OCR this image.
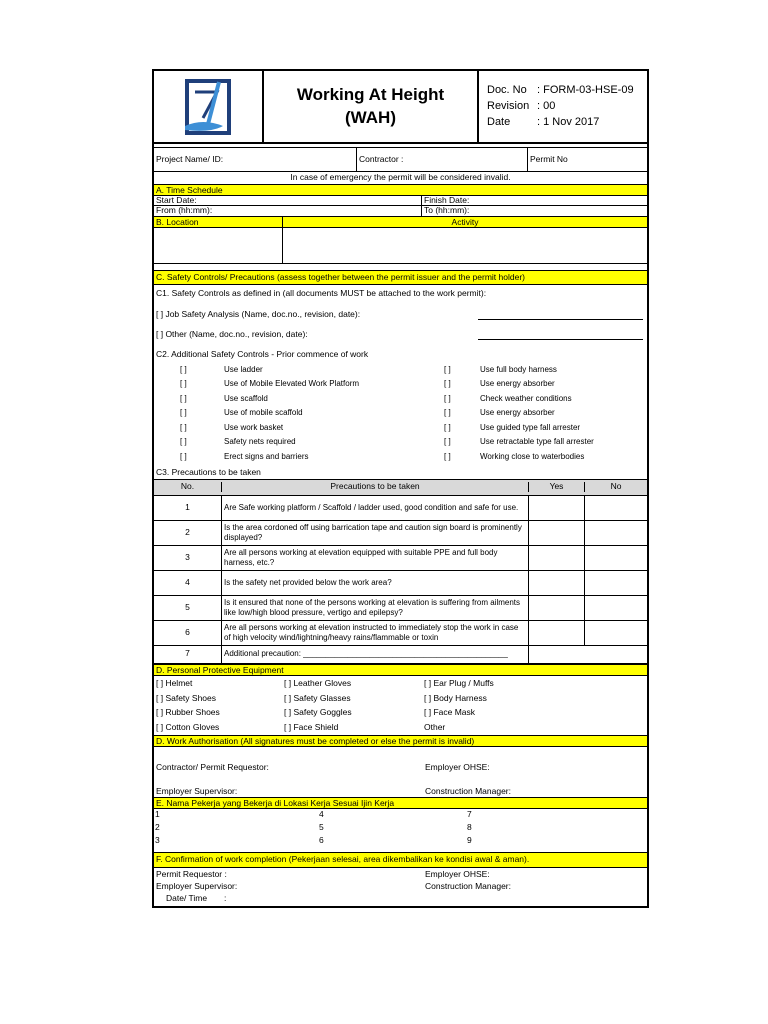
Working At Height
(WAH)
Doc. No : FORM-03-HSE-09
Revision : 00
Date	: 1 Nov 2017
Project Name/ ID:	Contractor :	Permit No
In case of emergency the permit will be considered invalid.
A. Time Schedule
Start Date:	Finish Date:
From (hh:mm):	To (hh:mm):
B. Location	Activity
C. Safety Controls/ Precautions (assess together between the permit issuer and the permit holder)
C1. Safety Controls as defined in (all documents MUST be attached to the work permit):
[ ] Job Safety Analysis (Name, doc.no., revision, date):
[ ] Other (Name, doc.no., revision, date):
C2. Additional Safety Controls - Prior commence of work
[ ]	Use ladder	[ ]	Use full body harness
[ ]	Use of Mobile Elevated Work Platform	[ ]	Use energy absorber
[ ]	Use scaffold	[ ]	Check weather conditions
[ ]	Use of mobile scaffold	[ ]	Use energy absorber
[ ]	Use work basket	[ ]	Use guided type fall arrester
[ ]	Safety nets required	[ ]	Use retractable type fall arrester
[ ]	Erect signs and barriers	[ ]	Working close to waterbodies
C3. Precautions to be taken
No.	Precautions to be taken	Yes	No
1	Are Safe working platform / Scaffold / ladder used, good condition and safe for use.
2	Is the area cordoned off using barrication tape and caution sign board is prominently displayed?
3	Are all persons working at elevation equipped with suitable PPE and full body harness, etc.?
4	Is the safety net provided below the work area?
5	Is it ensured that none of the persons working at elevation is suffering from ailments like low/high blood pressure, vertigo and epilepsy?
6	Are all persons working at elevation instructed to immediately stop the work in case of high velocity wind/lightning/heavy rains/flammable or toxin
7	Additional precaution: ______________________________________________
D. Personal Protective Equipment
[ ] Helmet	[ ] Leather Gloves	[ ] Ear Plug / Muffs
[ ] Safety Shoes	[ ] Safety Glasses	[ ] Body Harness
[ ] Rubber Shoes	[ ] Safety Goggles	[ ] Face Mask
[ ] Cotton Gloves	[ ] Face Shield	Other
D. Work Authorisation (All signatures must be completed or else the permit is invalid)
Contractor/ Permit Requestor:	Employer OHSE:
Employer Supervisor:	Construction Manager:
E. Nama Pekerja yang Bekerja di Lokasi Kerja Sesuai Ijin Kerja
1	4	7
2	5	8
3	6	9
F. Confirmation of work completion (Pekerjaan selesai, area dikembalikan ke kondisi awal & aman).
Permit Requestor :	Employer OHSE:
Employer Supervisor:	Construction Manager:
Date/ Time	:
